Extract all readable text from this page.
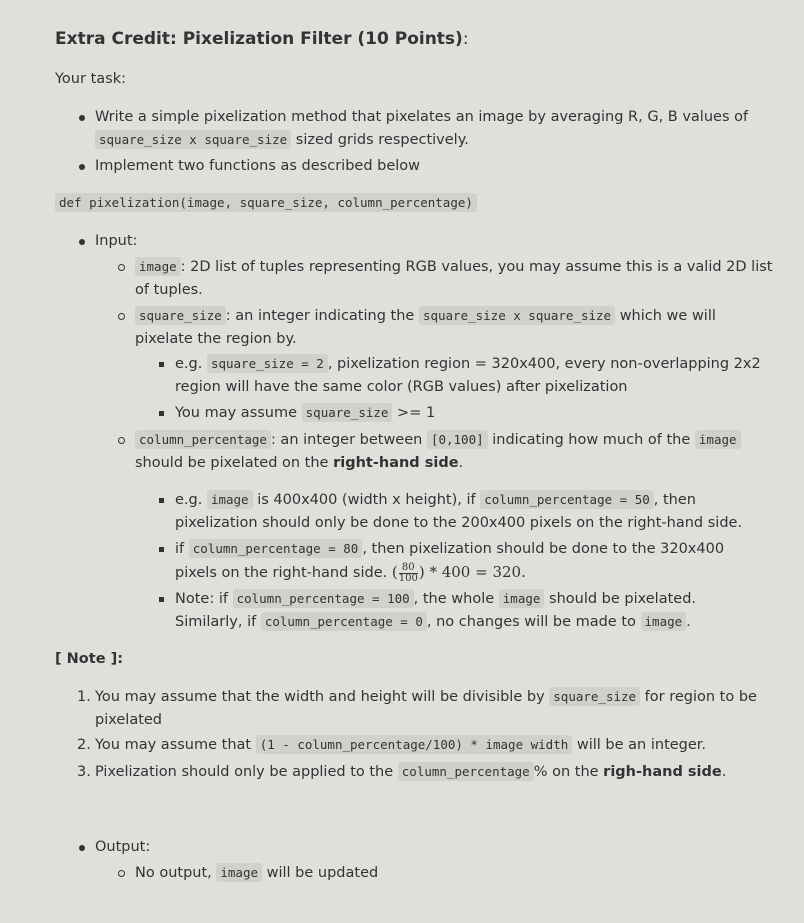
Extra Credit: Pixelization Filter (10 Points):

Your task:

Write a simple pixelization method that pixelates an image by averaging R, G, B values of
square_size x square_size sized grids respectively.
Implement two functions as described below
def pixelization(image, square_size, column_percentage)
Input:
image : 2D list of tuples representing RGB values, you may assume this is a valid 2D list
of tuples.
square_size : an integer indicating the square_size x square_size which we will
pixelate the region by.
e.g. square_size = 2 , pixelization region = 320x400, every non-overlapping 2x2
region will have the same color (RGB values) after pixelization
You may assume square_size >= 1
column_percentage : an integer between [0,100] indicating how much of the image
should be pixelated on the right-hand side.
e.g. image is 400x400 (width x height), if column_percentage = 50 , then
pixelization should only be done to the 200x400 pixels on the right-hand side.
if column_percentage = 80 , then pixelization should be done to the 320x400
pixels on the right-hand side. ( $\frac{80}{100}$ ) * 400 = 320.
Note: if column_percentage = 100 , the whole image should be pixelated.
Similarly, if column_percentage = 0 , no changes will be made to image .

[ Note ]:

1. You may assume that the width and height will be divisible by square_size for region to be
pixelated
2. You may assume that (1 - column_percentage/100) * image width will be an integer.
3. Pixelization should only be applied to the column_percentage % on the righ-hand side.
Output:
No output, image will be updated
